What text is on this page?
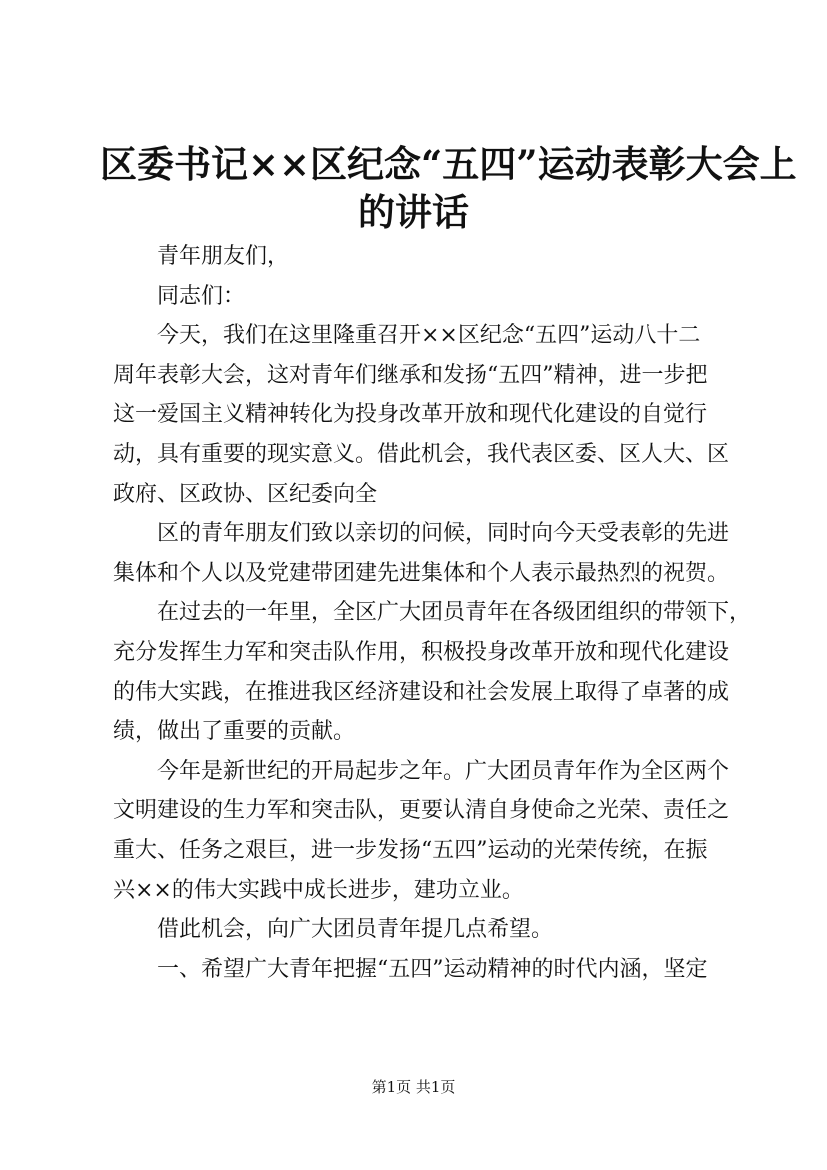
区委书记××区纪念“五四”运动表彰大会上
的讲话
青年朋友们，
同志们：
今天，我们在这里隆重召开××区纪念“五四”运动八十二
周年表彰大会，这对青年们继承和发扬“五四”精神，进一步把
这一爱国主义精神转化为投身改革开放和现代化建设的自觉行
动，具有重要的现实意义。借此机会，我代表区委、区人大、区
政府、区政协、区纪委向全
区的青年朋友们致以亲切的问候，同时向今天受表彰的先进
集体和个人以及党建带团建先进集体和个人表示最热烈的祝贺。
在过去的一年里，全区广大团员青年在各级团组织的带领下，
充分发挥生力军和突击队作用，积极投身改革开放和现代化建设
的伟大实践，在推进我区经济建设和社会发展上取得了卓著的成
绩，做出了重要的贡献。
今年是新世纪的开局起步之年。广大团员青年作为全区两个
文明建设的生力军和突击队，更要认清自身使命之光荣、责任之
重大、任务之艰巨，进一步发扬“五四”运动的光荣传统，在振
兴××的伟大实践中成长进步，建功立业。
借此机会，向广大团员青年提几点希望。
一、希望广大青年把握“五四”运动精神的时代内涵，坚定
第1页 共1页
